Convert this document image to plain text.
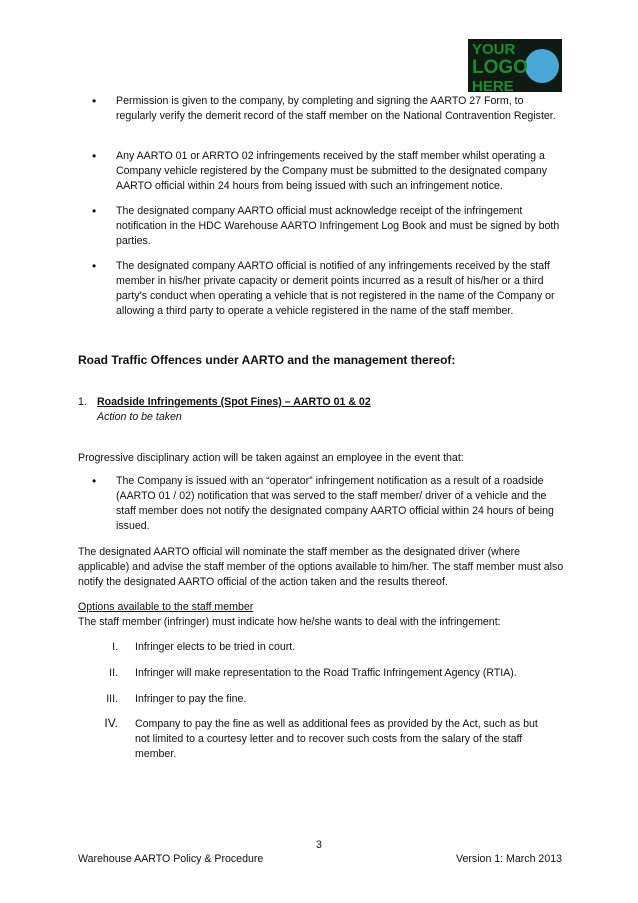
YOUR
LOGO
HERE
• Permission is given to the company, by completing and signing the AARTO 27 Form, to regularly verify the demerit record of the staff member on the National Contravention Register.
• Any AARTO 01 or ARRTO 02 infringements received by the staff member whilst operating a Company vehicle registered by the Company must be submitted to the designated company AARTO official within 24 hours from being issued with such an infringement notice.
• The designated company AARTO official must acknowledge receipt of the infringement notification in the HDC Warehouse AARTO Infringement Log Book and must be signed by both parties.
• The designated company AARTO official is notified of any infringements received by the staff member in his/her private capacity or demerit points incurred as a result of his/her or a third party’s conduct when operating a vehicle that is not registered in the name of the Company or allowing a third party to operate a vehicle registered in the name of the staff member.
Road Traffic Offences under AARTO and the management thereof:
1. Roadside Infringements (Spot Fines) – AARTO 01 & 02
Action to be taken
Progressive disciplinary action will be taken against an employee in the event that:
• The Company is issued with an “operator” infringement notification as a result of a roadside (AARTO 01 / 02) notification that was served to the staff member/ driver of a vehicle and the staff member does not notify the designated company AARTO official within 24 hours of being issued.
The designated AARTO official will nominate the staff member as the designated driver (where applicable) and advise the staff member of the options available to him/her. The staff member must also notify the designated AARTO official of the action taken and the results thereof.
Options available to the staff member
The staff member (infringer) must indicate how he/she wants to deal with the infringement:
I. Infringer elects to be tried in court.
II. Infringer will make representation to the Road Traffic Infringement Agency (RTIA).
III. Infringer to pay the fine.
IV. Company to pay the fine as well as additional fees as provided by the Act, such as but not limited to a courtesy letter and to recover such costs from the salary of the staff member.
3
Warehouse AARTO Policy & Procedure	Version 1: March 2013
